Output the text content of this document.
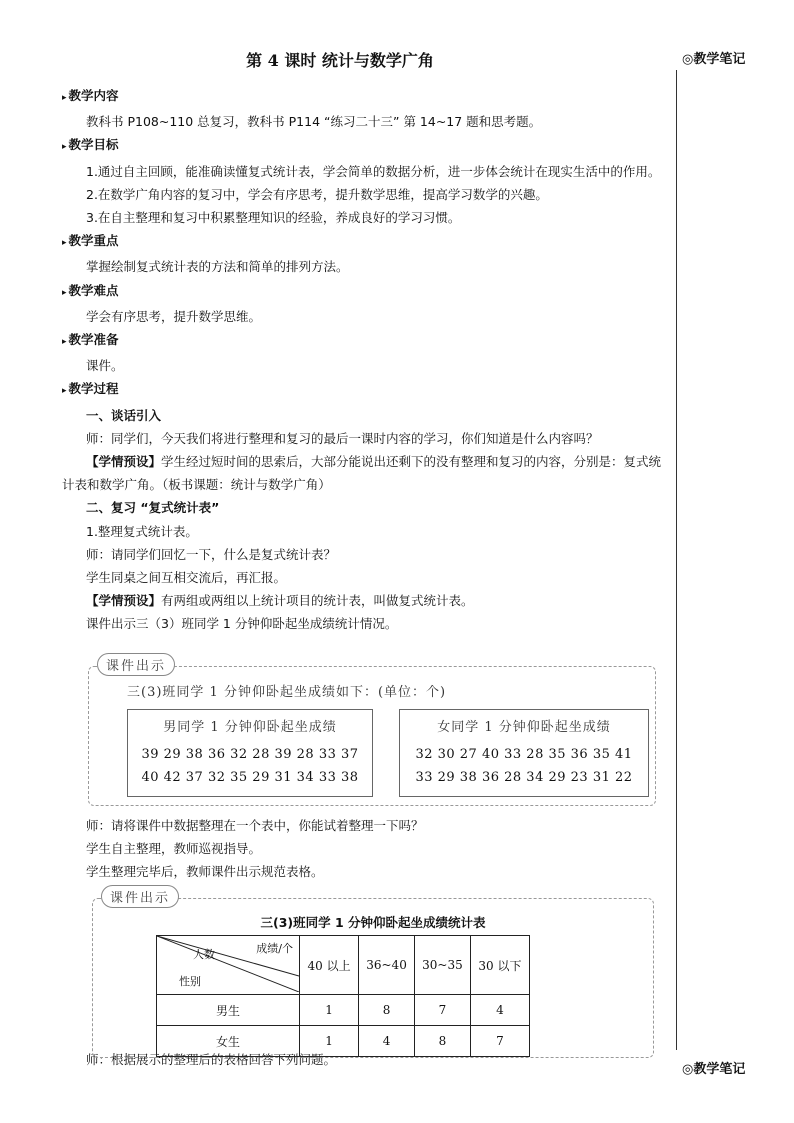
第 4 课时 统计与数学广角	◎教学笔记
◎教学笔记

▸ 教学内容

教科书 P108~110 总复习，教科书 P114 “练习二十三” 第 14~17 题和思考题。

▸ 教学目标

1.通过自主回顾，能准确读懂复式统计表，学会简单的数据分析，进一步体会统计在现实生活中的作用。

2.在数学广角内容的复习中，学会有序思考，提升数学思维，提高学习数学的兴趣。

3.在自主整理和复习中积累整理知识的经验，养成良好的学习习惯。

▸ 教学重点

掌握绘制复式统计表的方法和简单的排列方法。

▸ 教学难点

学会有序思考，提升数学思维。

▸ 教学准备

课件。

▸ 教学过程

一、谈话引入

师：同学们，今天我们将进行整理和复习的最后一课时内容的学习，你们知道是什么内容吗？

【学情预设】学生经过短时间的思索后，大部分能说出还剩下的没有整理和复习的内容，分别是：复式统计表和数学广角。（板书课题：统计与数学广角）

二、复习 “复式统计表”

1.整理复式统计表。

师：请同学们回忆一下，什么是复式统计表？

学生同桌之间互相交流后，再汇报。

【学情预设】有两组或两组以上统计项目的统计表，叫做复式统计表。

课件出示三（3）班同学 1 分钟仰卧起坐成绩统计情况。

课件出示
三(3)班同学 1 分钟仰卧起坐成绩如下：(单位：个)
男同学 1 分钟仰卧起坐成绩
39 29 38 36 32 28 39 28 33 37
40 42 37 32 35 29 31 34 33 38
女同学 1 分钟仰卧起坐成绩
32 30 27 40 33 28 35 36 35 41
33 29 38 36 28 34 29 23 31 22

师：请将课件中数据整理在一个表中，你能试着整理一下吗？

学生自主整理，教师巡视指导。

学生整理完毕后，教师课件出示规范表格。

师：根据展示的整理后的表格回答下列问题。

课件出示
三(3)班同学 1 分钟仰卧起坐成绩统计表
成绩/个
人数
性别	40 以上	36~40	30~35	30 以下
男生	1	8	7	4
女生	1	4	8	7
